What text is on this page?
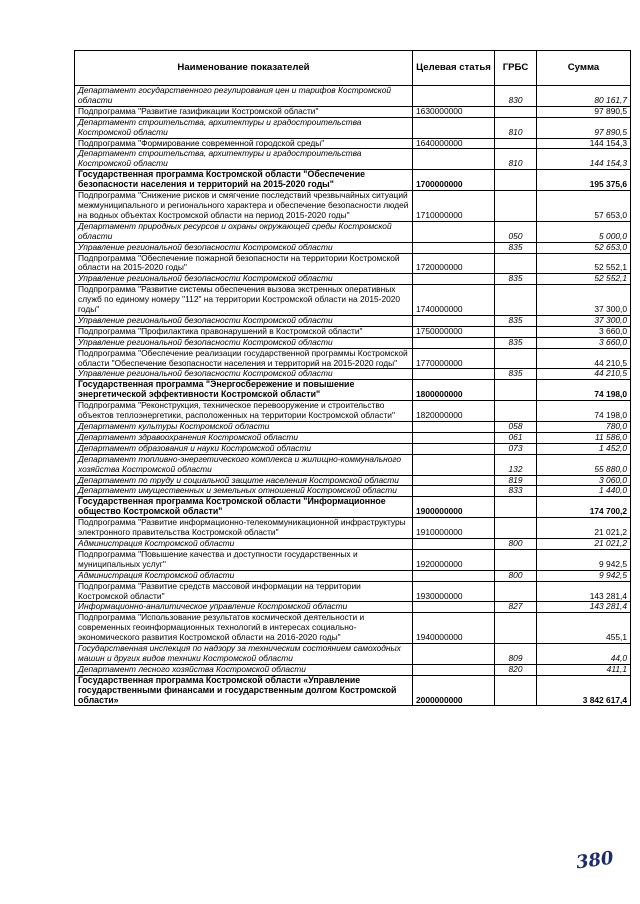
Наименование показателей	Целевая статья	ГРБС	Сумма
Департамент государственного регулирования цен и тарифов Костромской области		830	80 161,7
Подпрограмма "Развитие газификации Костромской области"	1630000000		97 890,5
Департамент строительства, архитектуры и градостроительства Костромской области		810	97 890,5
Подпрограмма "Формирование современной городской среды"	1640000000		144 154,3
Департамент строительства, архитектуры и градостроительства Костромской области		810	144 154,3
Государственная программа Костромской области "Обеспечение безопасности населения и территорий на 2015-2020 годы"	1700000000		195 375,6
Подпрограмма "Снижение рисков и смягчение последствий чрезвычайных ситуаций межмуниципального и регионального характера и обеспечение безопасности людей на водных объектах Костромской области на период 2015-2020 годы"	1710000000		57 653,0
Департамент природных ресурсов и охраны окружающей среды Костромской области		050	5 000,0
Управление региональной безопасности Костромской области		835	52 653,0
Подпрограмма "Обеспечение пожарной безопасности на территории Костромской области на 2015-2020 годы"	1720000000		52 552,1
Управление региональной безопасности Костромской области		835	52 552,1
Подпрограмма "Развитие системы обеспечения вызова экстренных оперативных служб по единому номеру "112" на территории Костромской области на 2015-2020 годы"	1740000000		37 300,0
Управление региональной безопасности Костромской области		835	37 300,0
Подпрограмма "Профилактика правонарушений в Костромской области"	1750000000		3 660,0
Управление региональной безопасности Костромской области		835	3 660,0
Подпрограмма "Обеспечение реализации государственной программы Костромской области "Обеспечение безопасности населения и территорий на 2015-2020 годы"	1770000000		44 210,5
Управление региональной безопасности Костромской области		835	44 210,5
Государственная программа "Энергосбережение и повышение энергетической эффективности Костромской области"	1800000000		74 198,0
Подпрограмма "Реконструкция, техническое перевооружение и строительство объектов теплоэнергетики, расположенных на территории Костромской области"	1820000000		74 198,0
Департамент культуры Костромской области		058	780,0
Департамент здравоохранения Костромской области		061	11 586,0
Департамент образования и науки Костромской области		073	1 452,0
Департамент топливно-энергетического комплекса и жилищно-коммунального хозяйства Костромской области		132	55 880,0
Департамент по труду и социальной защите населения Костромской области		819	3 060,0
Департамент имущественных и земельных отношений Костромской области		833	1 440,0
Государственная программа Костромской области "Информационное общество Костромской области"	1900000000		174 700,2
Подпрограмма "Развитие информационно-телекоммуникационной инфраструктуры электронного правительства Костромской области"	1910000000		21 021,2
Администрация Костромской области		800	21 021,2
Подпрограмма "Повышение качества и доступности государственных и муниципальных услуг"	1920000000		9 942,5
Администрация Костромской области		800	9 942,5
Подпрограмма "Развитие средств массовой информации на территории Костромской области"	1930000000		143 281,4
Информационно-аналитическое управление Костромской области		827	143 281,4
Подпрограмма "Использование результатов космической деятельности и современных геоинформационных технологий в интересах социально-экономического развития Костромской области на 2016-2020 годы"	1940000000		455,1
Государственная инспекция по надзору за техническим состоянием самоходных машин и других видов техники Костромской области		809	44,0
Департамент лесного хозяйства Костромской области		820	411,1
Государственная программа Костромской области «Управление государственными финансами и государственным долгом Костромской области»	2000000000		3 842 617,4
380
